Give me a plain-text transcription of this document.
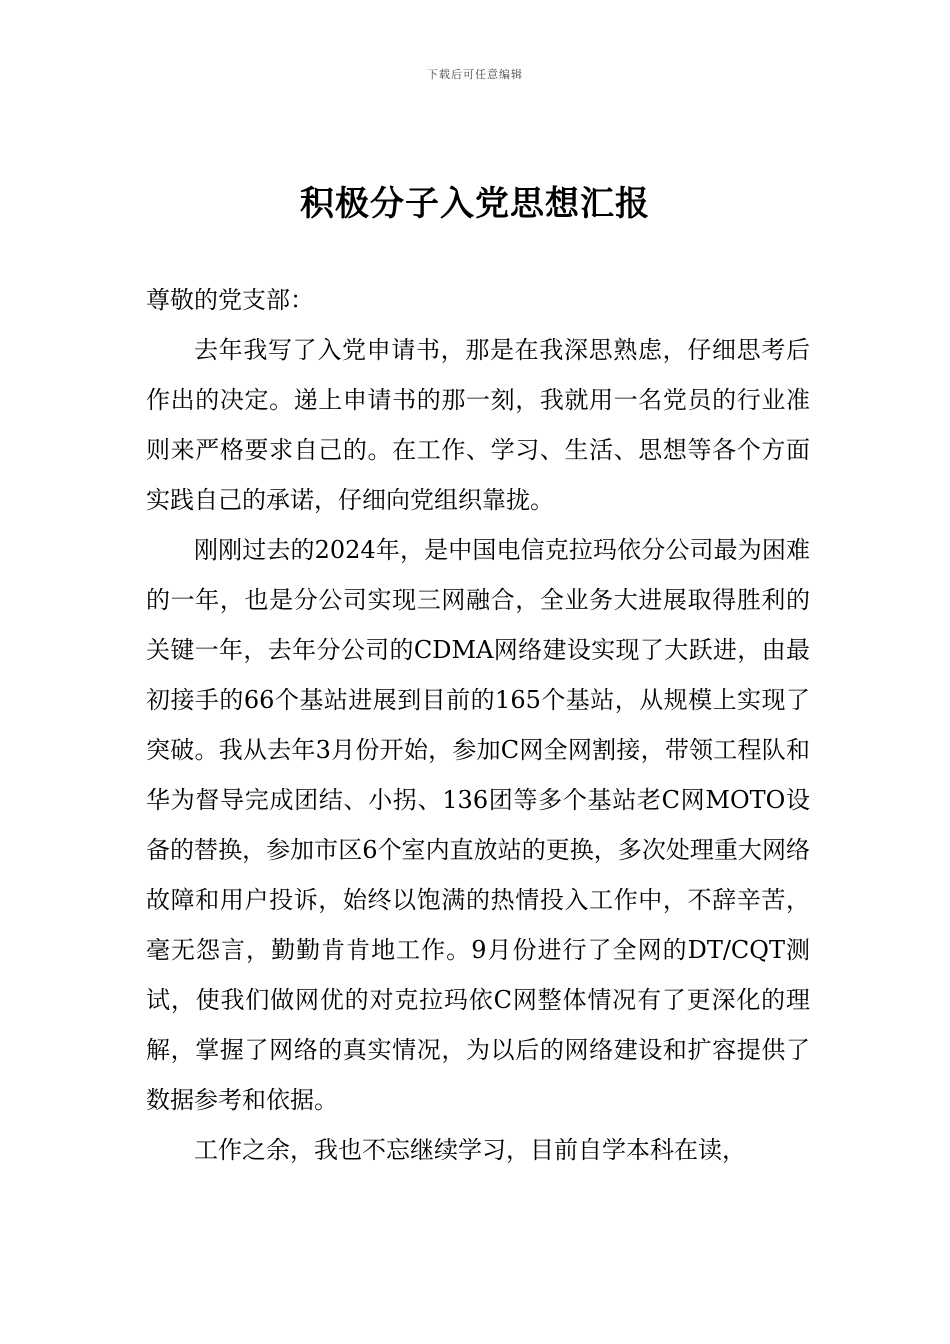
下载后可任意编辑
积极分子入党思想汇报

尊敬的党支部：

去年我写了入党申请书，那是在我深思熟虑，仔细思考后作出的决定。递上申请书的那一刻，我就用一名党员的行业准则来严格要求自己的。在工作、学习、生活、思想等各个方面实践自己的承诺，仔细向党组织靠拢。

刚刚过去的2024年，是中国电信克拉玛依分公司最为困难的一年，也是分公司实现三网融合，全业务大进展取得胜利的关键一年，去年分公司的CDMA网络建设实现了大跃进，由最初接手的66个基站进展到目前的165个基站，从规模上实现了突破。我从去年3月份开始，参加C网全网割接，带领工程队和华为督导完成团结、小拐、136团等多个基站老C网MOTO设备的替换，参加市区6个室内直放站的更换，多次处理重大网络故障和用户投诉，始终以饱满的热情投入工作中，不辞辛苦，毫无怨言，勤勤肯肯地工作。9月份进行了全网的DT/CQT测试，使我们做网优的对克拉玛依C网整体情况有了更深化的理解，掌握了网络的真实情况，为以后的网络建设和扩容提供了数据参考和依据。

工作之余，我也不忘继续学习，目前自学本科在读，
